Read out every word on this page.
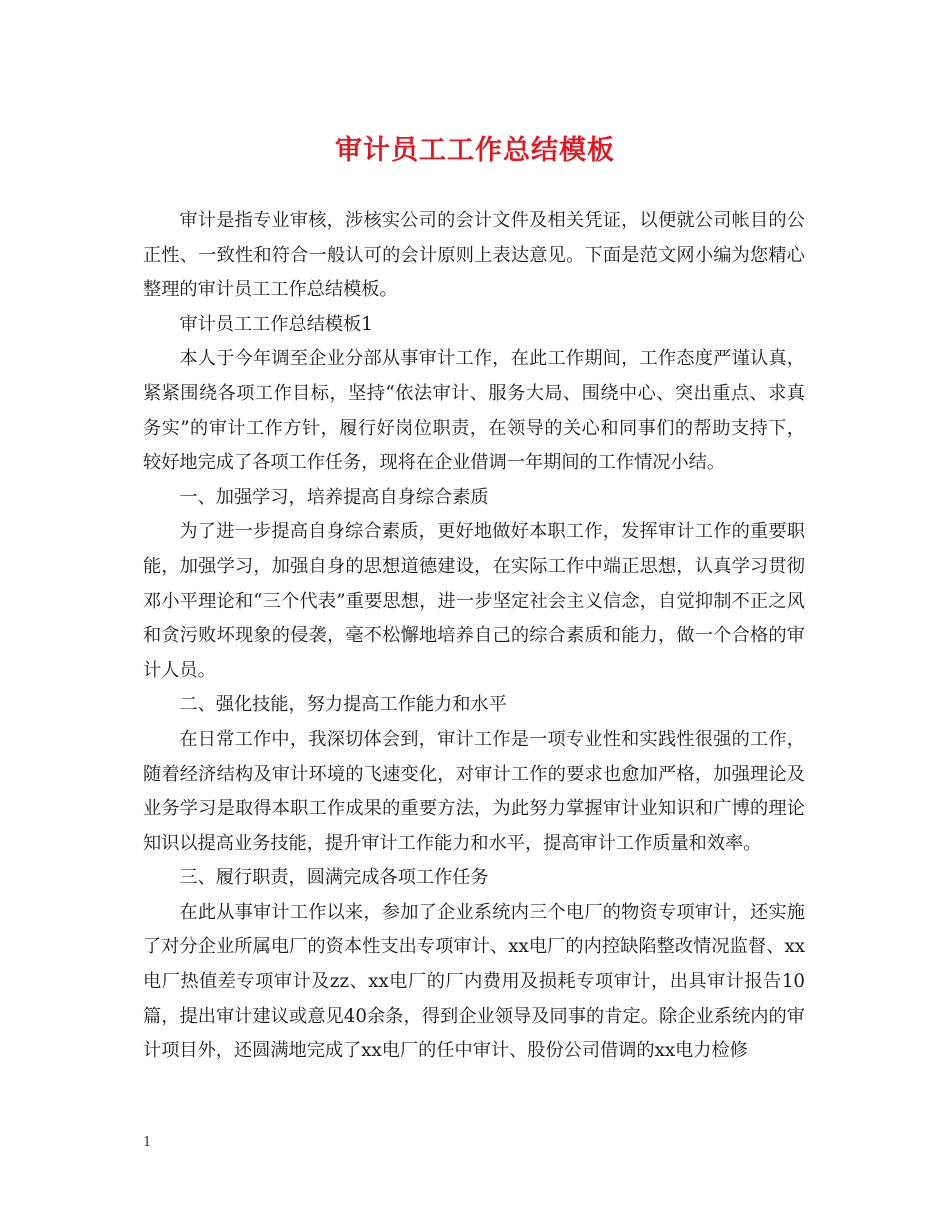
审计员工工作总结模板

审计是指专业审核，涉核实公司的会计文件及相关凭证，以便就公司帐目的公正性、一致性和符合一般认可的会计原则上表达意见。下面是范文网小编为您精心整理的审计员工工作总结模板。

审计员工工作总结模板1

本人于今年调至企业分部从事审计工作，在此工作期间，工作态度严谨认真，紧紧围绕各项工作目标，坚持“依法审计、服务大局、围绕中心、突出重点、求真务实”的审计工作方针，履行好岗位职责，在领导的关心和同事们的帮助支持下，较好地完成了各项工作任务，现将在企业借调一年期间的工作情况小结。

一、加强学习，培养提高自身综合素质

为了进一步提高自身综合素质，更好地做好本职工作，发挥审计工作的重要职能，加强学习，加强自身的思想道德建设，在实际工作中端正思想，认真学习贯彻邓小平理论和“三个代表”重要思想，进一步坚定社会主义信念，自觉抑制不正之风和贪污败坏现象的侵袭，毫不松懈地培养自己的综合素质和能力，做一个合格的审计人员。

二、强化技能，努力提高工作能力和水平

在日常工作中，我深切体会到，审计工作是一项专业性和实践性很强的工作，随着经济结构及审计环境的飞速变化，对审计工作的要求也愈加严格，加强理论及业务学习是取得本职工作成果的重要方法，为此努力掌握审计业知识和广博的理论知识以提高业务技能，提升审计工作能力和水平，提高审计工作质量和效率。

三、履行职责，圆满完成各项工作任务

在此从事审计工作以来，参加了企业系统内三个电厂的物资专项审计，还实施了对分企业所属电厂的资本性支出专项审计、xx电厂的内控缺陷整改情况监督、xx电厂热值差专项审计及zz、xx电厂的厂内费用及损耗专项审计，出具审计报告10篇，提出审计建议或意见40余条，得到企业领导及同事的肯定。除企业系统内的审计项目外，还圆满地完成了xx电厂的任中审计、股份公司借调的xx电力检修

1
